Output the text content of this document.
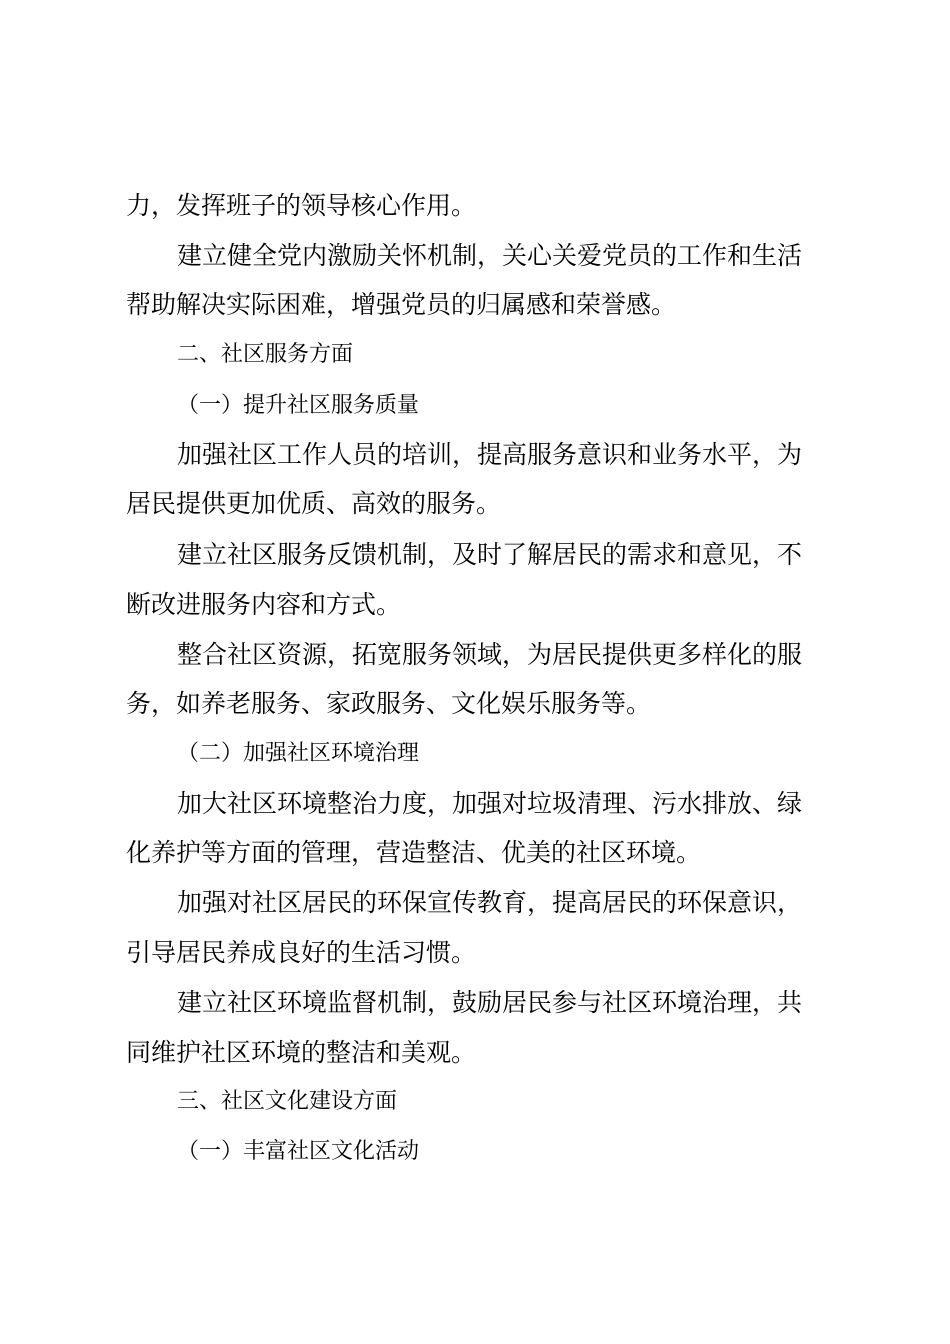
力，发挥班子的领导核心作用。
建立健全党内激励关怀机制，关心关爱党员的工作和生活
帮助解决实际困难，增强党员的归属感和荣誉感。
二、社区服务方面
（一）提升社区服务质量
加强社区工作人员的培训，提高服务意识和业务水平，为
居民提供更加优质、高效的服务。
建立社区服务反馈机制，及时了解居民的需求和意见，不
断改进服务内容和方式。
整合社区资源，拓宽服务领域，为居民提供更多样化的服
务，如养老服务、家政服务、文化娱乐服务等。
（二）加强社区环境治理
加大社区环境整治力度，加强对垃圾清理、污水排放、绿
化养护等方面的管理，营造整洁、优美的社区环境。
加强对社区居民的环保宣传教育，提高居民的环保意识，
引导居民养成良好的生活习惯。
建立社区环境监督机制，鼓励居民参与社区环境治理，共
同维护社区环境的整洁和美观。
三、社区文化建设方面
（一）丰富社区文化活动
